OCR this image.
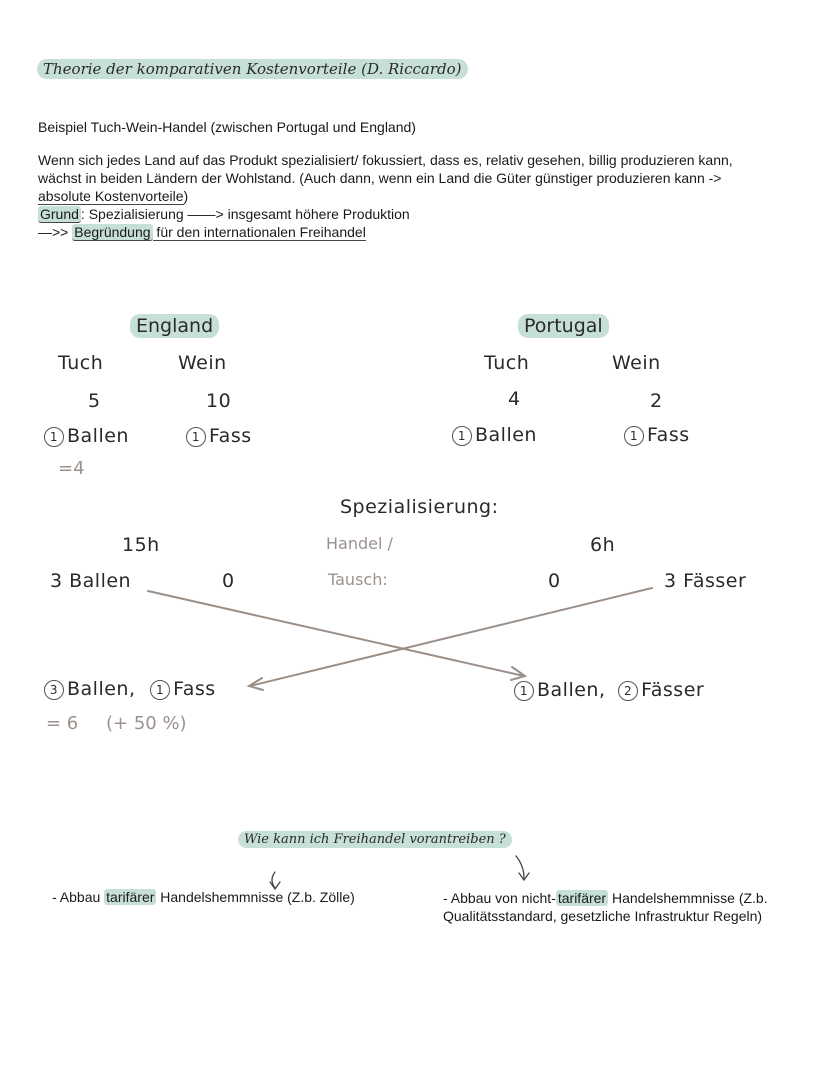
Theorie der komparativen Kostenvorteile (D. Riccardo)
Beispiel Tuch-Wein-Handel (zwischen Portugal und England)
Wenn sich jedes Land auf das Produkt spezialisiert/ fokussiert, dass es, relativ gesehen, billig produzieren kann,
wächst in beiden Ländern der Wohlstand. (Auch dann, wenn ein Land die Güter günstiger produzieren kann ->
absolute Kostenvorteile)
Grund : Spezialisierung ——> insgesamt höhere Produktion
—>> Begründung für den internationalen Freihandel
England
Tuch	Wein
5	10
1 Ballen	1 Fass
=4
Portugal
Tuch	Wein
4	2
1 Ballen	1 Fass
Spezialisierung:
Handel /
Tausch:
15h	6h
3 Ballen	0	0	3 Fässer
3 Ballen, 1 Fass
= 6 (+ 50 %)
1 Ballen, 2 Fässer
Wie kann ich Freihandel vorantreiben ?
- Abbau tarifärer Handelshemmnisse (Z.b. Zölle)	- Abbau von nicht- tarifärer Handelshemmnisse (Z.b.
Qualitätsstandard, gesetzliche Infrastruktur Regeln)
